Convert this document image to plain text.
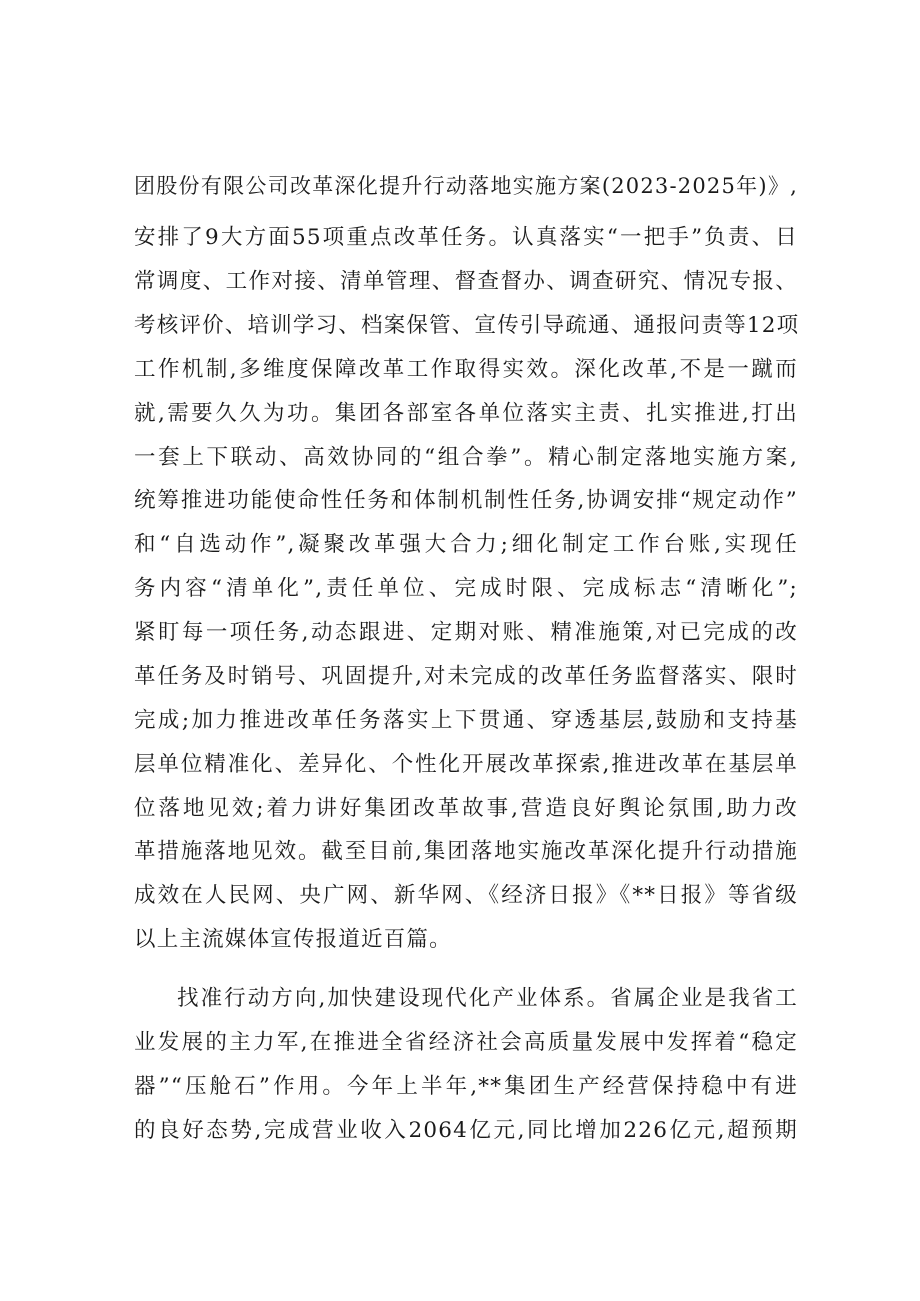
团股份有限公司改革深化提升行动落地实施方案(2023-2025年)》,
安排了9大方面55项重点改革任务。认真落实“一把手”负责、日
常调度、工作对接、清单管理、督查督办、调查研究、情况专报、
考核评价、培训学习、档案保管、宣传引导疏通、通报问责等12项
工作机制,多维度保障改革工作取得实效。深化改革,不是一蹴而
就,需要久久为功。集团各部室各单位落实主责、扎实推进,打出
一套上下联动、高效协同的“组合拳”。精心制定落地实施方案,
统筹推进功能使命性任务和体制机制性任务,协调安排“规定动作”
和“自选动作”,凝聚改革强大合力;细化制定工作台账,实现任
务内容“清单化”,责任单位、完成时限、完成标志“清晰化”;
紧盯每一项任务,动态跟进、定期对账、精准施策,对已完成的改
革任务及时销号、巩固提升,对未完成的改革任务监督落实、限时
完成;加力推进改革任务落实上下贯通、穿透基层,鼓励和支持基
层单位精准化、差异化、个性化开展改革探索,推进改革在基层单
位落地见效;着力讲好集团改革故事,营造良好舆论氛围,助力改
革措施落地见效。截至目前,集团落地实施改革深化提升行动措施
成效在人民网、央广网、新华网、《经济日报》《**日报》等省级
以上主流媒体宣传报道近百篇。
找准行动方向,加快建设现代化产业体系。省属企业是我省工
业发展的主力军,在推进全省经济社会高质量发展中发挥着“稳定
器”“压舱石”作用。今年上半年,**集团生产经营保持稳中有进
的良好态势,完成营业收入2064亿元,同比增加226亿元,超预期
